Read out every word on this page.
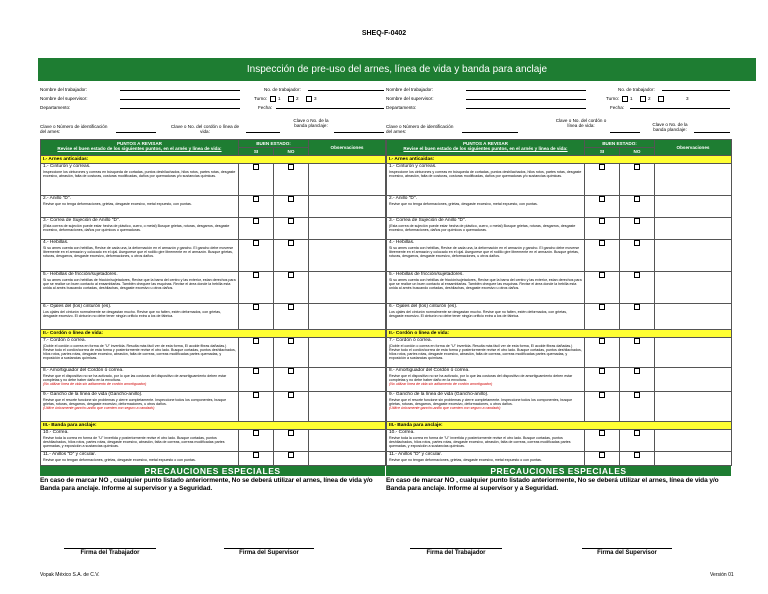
SHEQ-F-0402
Inspección de pre-uso del arnes, línea de vida y banda para anclaje
Nombre del trabajador:	No. de trabajador:
Nombre del supervisor:	Turno: 1	2	3
Departamento:	Fecha:
Clave o Número de identificación del arnes:
Clave o No. del cordón o línea de vida:
Clave o No. de la banda planclaje:
PUNTOS A REVISAR
Revise el buen estado de los siguientes puntos, en el arnés y línea de vida:	BUEN ESTADO:		Observaciones
	SI	NO	
I.- Arnes anticaidas:			

1.- Cinturón y correas.
Inspeccione los cinturones y correas en búsqueda de cortadas, puntos deshilachados, hilos rotos, partes rotas, desgaste excesivo, abrasión, falta de costuras, costuras modificadas, daños por quemaduras y/o sustancias químicas.			

2.- Anillo "D".
Revise que no tenga deformaciones, grietas, desgaste excesivo, metal expuesto, con puntas.			

3.- Correa de Sujeción de Anillo "D".
(Esta correa de sujeción puede estar hecha de plástico, cuero, o metal) Busque grietas, roturas, desgarros, desgaste excesivo, deformaciones, daños por químicos o quemaduras.			

4.- Hebillas.
Si su arnes cuenta con hebillas, Revise de cada una, la deformación en el armazón y gancho. El gancho debe moverse libremente en el armazón y colocado en el ojal. Asegurese que el rodillo gire libremente en el armazón. Busque grietas, roturas, desgarros, desgaste excesivo, deformaciones, u otros daños.			

5.- Hebillas de fricción/sujetadores.
Si su arnes cuenta con hebillas de fricción/sujetadores, Revise que la barra del centro y las exterior, estan derechos para que se realice un buen contacto al ensamblarlas. También chequee las esquinas. Revise el área donde la hebilla esta unida al arnés buscando cortadas, deshilachas, desgaste excesivo u otros daños.			

6.- Ojales del (los) cinturón (es).
Los ojales del cinturón normalmente se desgastan mucho. Revise que no falten, estén deformados, con grietas, desgaste excesivo. El cinturón no debe tener ningún orificio extra a los de fábrica.			

II.- Cordón o línea de vida:			

7.- Cordón ó correa.
(Doble el cordón o correa en forma de "U" invertida. Resulta más fácil ver de esta forma, El acolde fibras dañadas.) Revise todo el cordón/correa de esta forma y posteriormente revise el otro lado. Busque cortadas, puntos deshilachados, hilos rotos, partes rotas, desgaste excesivo, abrasión, falta de correas, correas modificadas partes quemadas, y exposición a sustancias químicas.			

8.- Amortiguador del Cordón ó correa.
Revise que el dispositivo no se ha activado, por lo que las costuras del dispositivo de amortiguamiento deben estar completas y no debe haber daño en la envoltura.
(No utilizar línea de vida sin aditamento de cordón amortiguador)			

9.- Gancho de la línea de vida (Gancho-anillo).
Revise que el resorte funcione sin problemas y cierre completamente. Inspeccione todos los componentes, busque grietas, roturas, desgarros, desgaste excesivo, deformaciones, u otros daños.
(Utilice únicamente gancho-anillo que cuenten con seguro a candado)			

III.- Banda para anclaje:			

10.- Correa.
Revise toda la correa en forma de "U" invertida y posteriormente revise el otro lado. Busque cortadas, puntos deshilachados, hilos rotos, partes rotas, desgaste excesivo, abrasión, falta de correas, correas modificadas partes quemadas, y exposición a sustancias químicas.			

11.- Anillos "D" y circular.
Revise que no tengan deformaciones, grietas, desgaste excesivo, metal expuesto o con puntas.			

PRECAUCIONES ESPECIALES
En caso de marcar NO , cualquier punto listado anteriormente, No se deberá utilizar el arnes, línea de vida y/o Banda para anclaje. Informe al supervisor y a Seguridad.
Nombre del trabajador:	No. de trabajador:
Nombre del supervisor:	Turno: 1	2	3
Departamento:	Fecha:
Clave o Número de identificación del arnes:
Clave o No. del cordón o línea de vida:	Clave o No. de la banda planclaje:
PUNTOS A REVISAR
Revise el buen estado de los siguientes puntos, en el arnés y línea de vida:	BUEN ESTADO:		Observaciones
	SI	NO	
I.- Arnes anticaidas:			

1.- Cinturón y correas.
Inspeccione los cinturones y correas en búsqueda de cortadas, puntos deshilachados, hilos rotos, partes rotas, desgaste excesivo, abrasión, falta de costuras, costuras modificadas, daños por quemaduras y/o sustancias químicas.			

2.- Anillo "D".
Revise que no tenga deformaciones, grietas, desgaste excesivo, metal expuesto, con puntas.			

3.- Correa de Sujeción de Anillo "D".
(Esta correa de sujeción puede estar hecha de plástico, cuero, o metal) Busque grietas, roturas, desgarros, desgaste excesivo, deformaciones, daños por químicos o quemaduras.			

4.- Hebillas.
Si su arnes cuenta con hebillas, Revise de cada una, la deformación en el armazón y gancho. El gancho debe moverse libremente en el armazón y colocado en el ojal. Asegurese que el rodillo gire libremente en el armazón. Busque grietas, roturas, desgarros, desgaste excesivo, deformaciones, u otros daños.			

5.- Hebillas de fricción/sujetadores.
Si su arnes cuenta con hebillas de fricción/sujetadores, Revise que la barra del centro y las exterior, estan derechos para que se realice un buen contacto al ensamblarlas. También chequee las esquinas. Revise el área donde la hebilla esta unida al arnés buscando cortadas, deshilachas, desgaste excesivo u otros daños.			

6.- Ojales del (los) cinturón (es).
Los ojales del cinturón normalmente se desgastan mucho. Revise que no falten, estén deformados, con grietas, desgaste excesivo. El cinturón no debe tener ningún orificio extra a los de fábrica.			

II.- Cordón o línea de vida:			

7.- Cordón ó correa.
(Doble el cordón o correa en forma de "U" invertida. Resulta más fácil ver de esta forma, El acolde fibras dañadas.) Revise todo el cordón/correa de esta forma y posteriormente revise el otro lado. Busque cortadas, puntos deshilachados, hilos rotos, partes rotas, desgaste excesivo, abrasión, falta de correas, correas modificadas partes quemadas, y exposición a sustancias químicas.			

8.- Amortiguador del Cordón ó correa.
Revise que el dispositivo no se ha activado, por lo que las costuras del dispositivo de amortiguamiento deben estar completas y no debe haber daño en la envoltura.
(No utilizar línea de vida sin aditamento de cordón amortiguador)			

9.- Gancho de la línea de vida (Gancho-anillo).
Revise que el resorte funcione sin problemas y cierre completamente. Inspeccione todos los componentes, busque grietas, roturas, desgarros, desgaste excesivo, deformaciones, u otros daños.
(Utilice únicamente gancho-anillo que cuenten con seguro a candado)			

III.- Banda para anclaje:			

10.- Correa.
Revise toda la correa en forma de "U" invertida y posteriormente revise el otro lado. Busque cortadas, puntos deshilachados, hilos rotos, partes rotas, desgaste excesivo, abrasión, falta de correas, correas modificadas partes quemadas, y exposición a sustancias químicas.			

11.- Anillos "D" y circular.
Revise que no tengan deformaciones, grietas, desgaste excesivo, metal expuesto o con puntas.			

PRECAUCIONES ESPECIALES
En caso de marcar NO , cualquier punto listado anteriormente, No se deberá utilizar el arnes, línea de vida y/o Banda para anclaje. Informe al supervisor y a Seguridad.
Firma del Trabajador	Firma del Supervisor	Firma del Trabajador	Firma del Supervisor
Vopak México S.A. de C.V.	Versión 01
